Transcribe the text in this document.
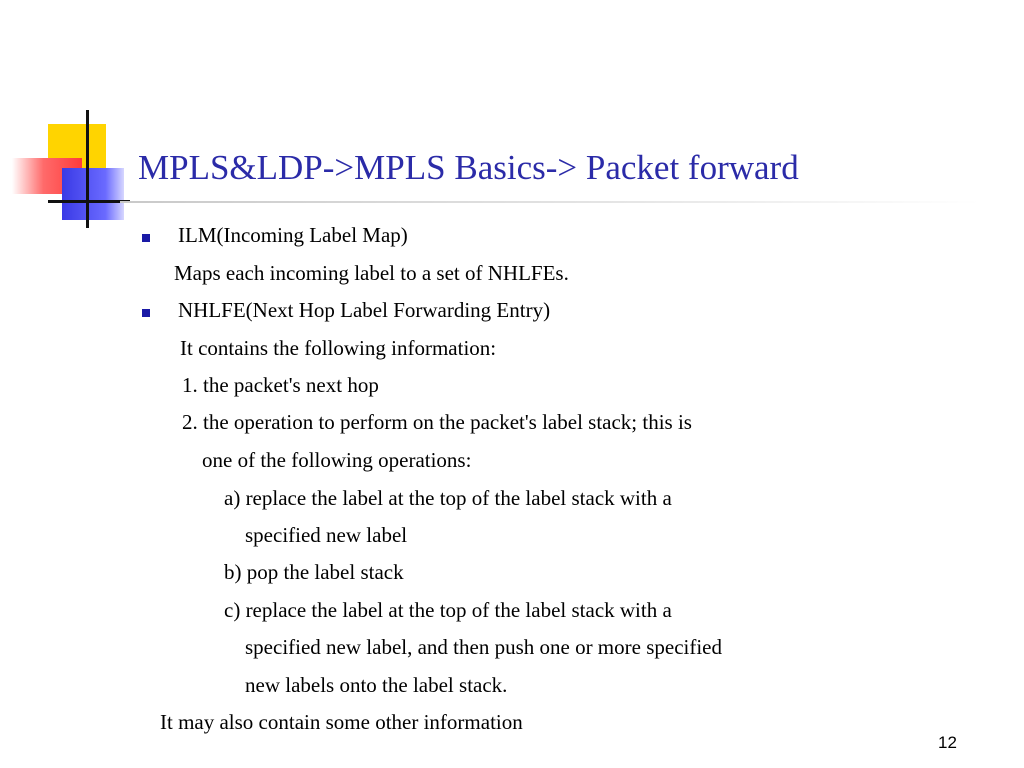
MPLS&LDP->MPLS Basics-> Packet forward
ILM(Incoming Label Map)
Maps each incoming label to a set of NHLFEs.
NHLFE(Next Hop Label Forwarding Entry)
It contains the following information:
1. the packet's next hop
2. the operation to perform on the packet's label stack; this is
one of the following operations:
a) replace the label at the top of the label stack with a
specified new label
b) pop the label stack
c) replace the label at the top of the label stack with a
specified new label, and then push one or more specified
new labels onto the label stack.
It may also contain some other information
12
